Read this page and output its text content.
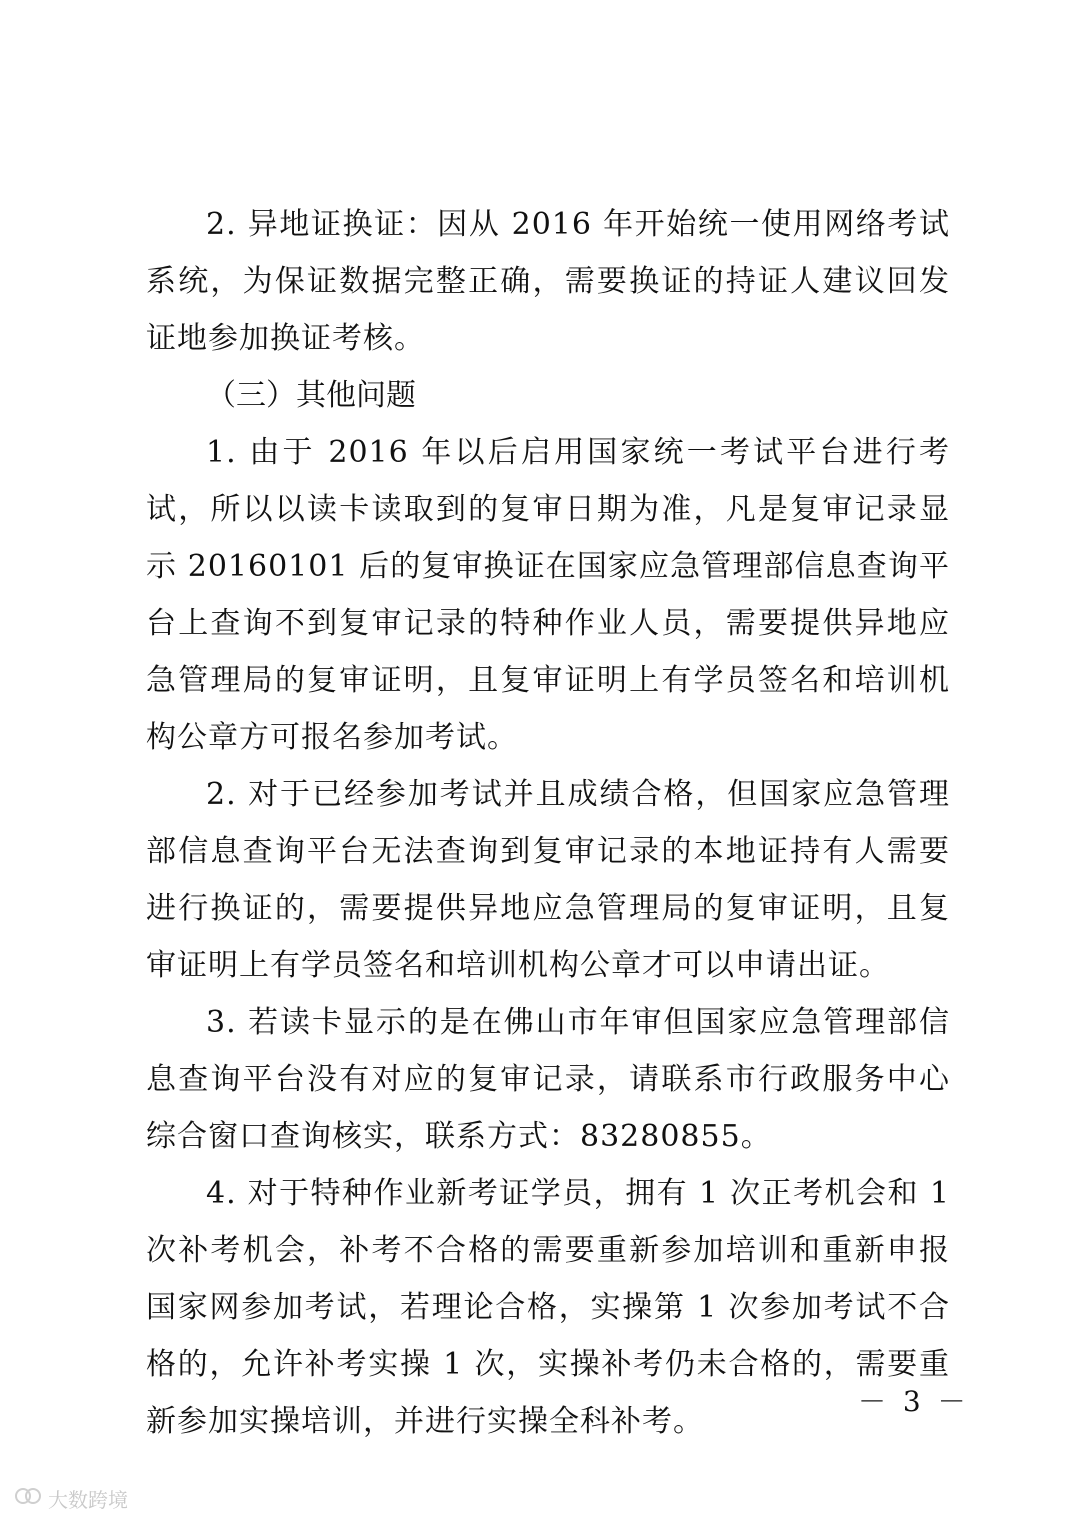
2. 异地证换证：因从 2016 年开始统一使用网络考试系统，为保证数据完整正确，需要换证的持证人建议回发证地参加换证考核。

（三）其他问题

1. 由于 2016 年以后启用国家统一考试平台进行考试，所以以读卡读取到的复审日期为准，凡是复审记录显示 20160101 后的复审换证在国家应急管理部信息查询平台上查询不到复审记录的特种作业人员，需要提供异地应急管理局的复审证明，且复审证明上有学员签名和培训机构公章方可报名参加考试。

2. 对于已经参加考试并且成绩合格，但国家应急管理部信息查询平台无法查询到复审记录的本地证持有人需要进行换证的，需要提供异地应急管理局的复审证明，且复审证明上有学员签名和培训机构公章才可以申请出证。

3. 若读卡显示的是在佛山市年审但国家应急管理部信息查询平台没有对应的复审记录，请联系市行政服务中心综合窗口查询核实，联系方式：83280855。

4. 对于特种作业新考证学员，拥有 1 次正考机会和 1 次补考机会，补考不合格的需要重新参加培训和重新申报国家网参加考试，若理论合格，实操第 1 次参加考试不合格的，允许补考实操 1 次，实操补考仍未合格的，需要重新参加实操培训，并进行实操全科补考。

－ 3 －
大数跨境
